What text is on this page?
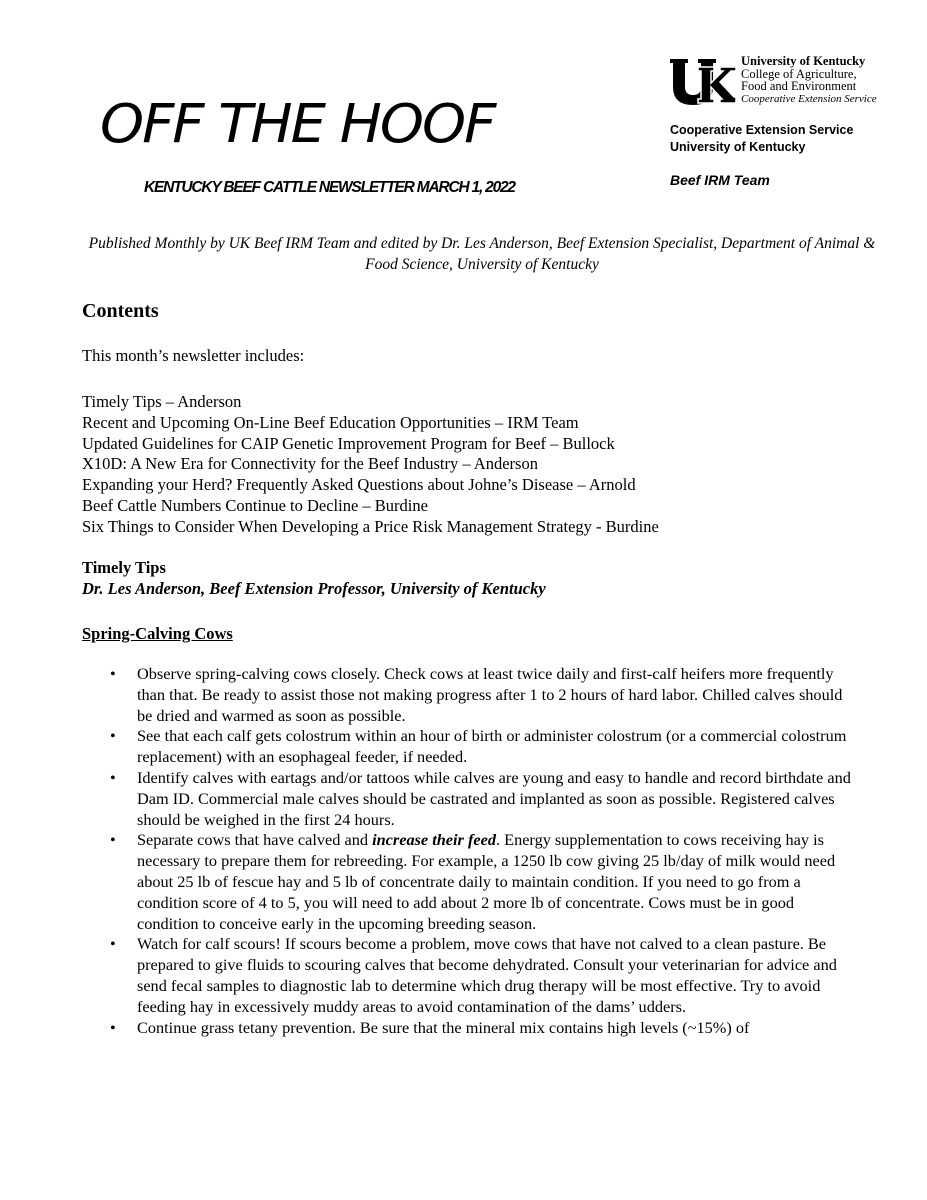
OFF THE HOOF
KENTUCKY BEEF CATTLE NEWSLETTER MARCH 1, 2022
University of Kentucky
College of Agriculture,
Food and Environment
Cooperative Extension Service
Cooperative Extension Service
University of Kentucky
Beef IRM Team
Published Monthly by UK Beef IRM Team and edited by Dr. Les Anderson, Beef Extension Specialist, Department of Animal & Food Science, University of Kentucky
Contents
This month’s newsletter includes:
Timely Tips – Anderson
Recent and Upcoming On-Line Beef Education Opportunities – IRM Team
Updated Guidelines for CAIP Genetic Improvement Program for Beef – Bullock
X10D: A New Era for Connectivity for the Beef Industry – Anderson
Expanding your Herd? Frequently Asked Questions about Johne’s Disease – Arnold
Beef Cattle Numbers Continue to Decline – Burdine
Six Things to Consider When Developing a Price Risk Management Strategy - Burdine
Timely Tips
Dr. Les Anderson, Beef Extension Professor, University of Kentucky
Spring-Calving Cows
• Observe spring-calving cows closely. Check cows at least twice daily and first-calf heifers more frequently than that. Be ready to assist those not making progress after 1 to 2 hours of hard labor. Chilled calves should be dried and warmed as soon as possible.
• See that each calf gets colostrum within an hour of birth or administer colostrum (or a commercial colostrum replacement) with an esophageal feeder, if needed.
• Identify calves with eartags and/or tattoos while calves are young and easy to handle and record birthdate and Dam ID. Commercial male calves should be castrated and implanted as soon as possible. Registered calves should be weighed in the first 24 hours.
• Separate cows that have calved and increase their feed. Energy supplementation to cows receiving hay is necessary to prepare them for rebreeding. For example, a 1250 lb cow giving 25 lb/day of milk would need about 25 lb of fescue hay and 5 lb of concentrate daily to maintain condition. If you need to go from a condition score of 4 to 5, you will need to add about 2 more lb of concentrate. Cows must be in good condition to conceive early in the upcoming breeding season.
• Watch for calf scours! If scours become a problem, move cows that have not calved to a clean pasture. Be prepared to give fluids to scouring calves that become dehydrated. Consult your veterinarian for advice and send fecal samples to diagnostic lab to determine which drug therapy will be most effective. Try to avoid feeding hay in excessively muddy areas to avoid contamination of the dams’ udders.
• Continue grass tetany prevention. Be sure that the mineral mix contains high levels (~15%) of
